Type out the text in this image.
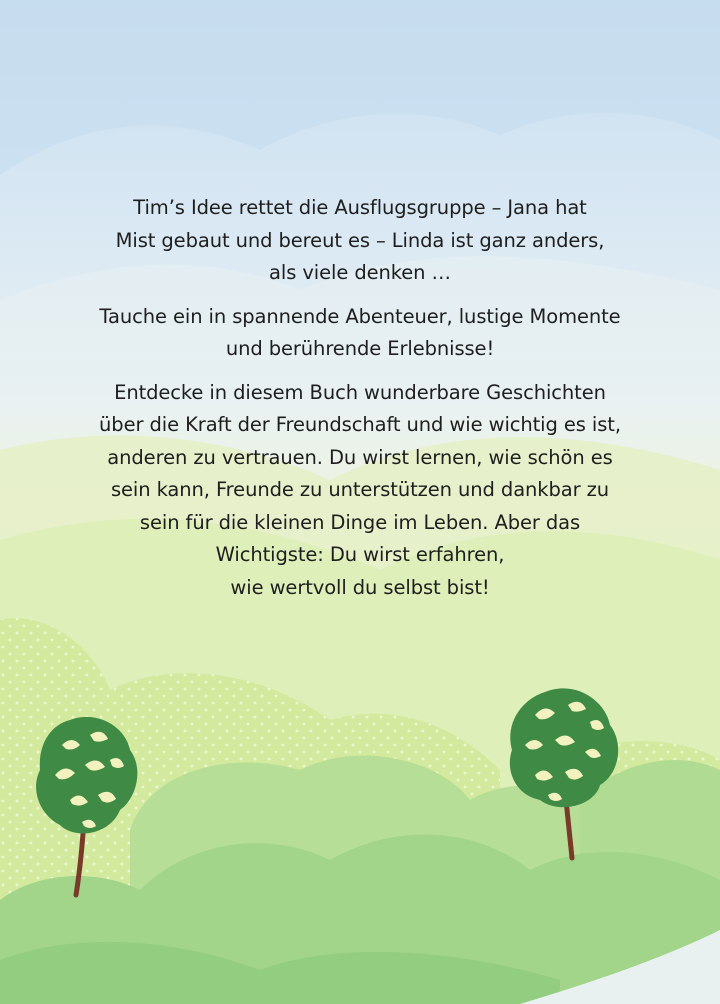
Tim’s Idee rettet die Ausflugsgruppe – Jana hat
Mist gebaut und bereut es – Linda ist ganz anders,
als viele denken …

Tauche ein in spannende Abenteuer, lustige Momente
und berührende Erlebnisse!

Entdecke in diesem Buch wunderbare Geschichten
über die Kraft der Freundschaft und wie wichtig es ist,
anderen zu vertrauen. Du wirst lernen, wie schön es
sein kann, Freunde zu unterstützen und dankbar zu
sein für die kleinen Dinge im Leben. Aber das
Wichtigste: Du wirst erfahren,
wie wertvoll du selbst bist!
